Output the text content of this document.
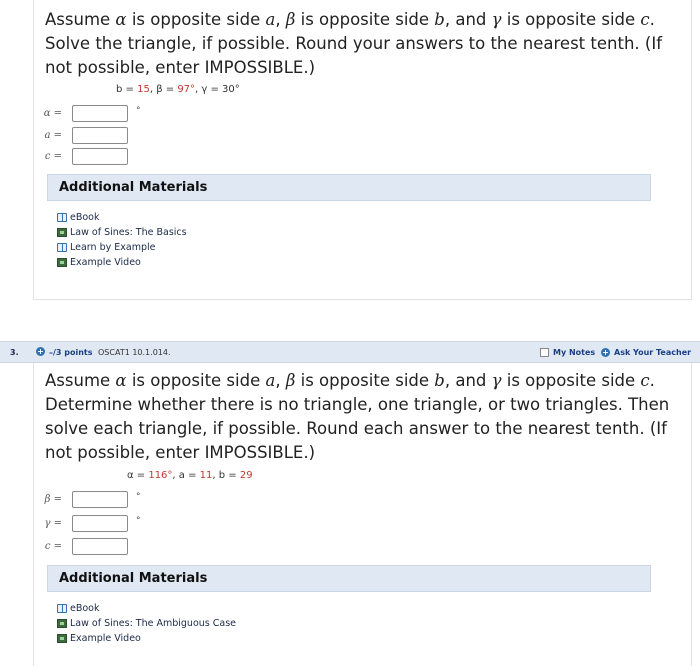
Assume α is opposite side a, β is opposite side b, and γ is opposite side c. Solve the triangle, if possible. Round your answers to the nearest tenth. (If not possible, enter IMPOSSIBLE.)
b = 15, β = 97°, γ = 30°
α =	°
a =
c =
Additional Materials
eBook
Law of Sines: The Basics
Learn by Example
Example Video
3. + –/3 points OSCAT1 10.1.014.	My Notes + Ask Your Teacher
Assume α is opposite side a, β is opposite side b, and γ is opposite side c. Determine whether there is no triangle, one triangle, or two triangles. Then solve each triangle, if possible. Round each answer to the nearest tenth. (If not possible, enter IMPOSSIBLE.)
α = 116°, a = 11, b = 29
β =	°
γ =	°
c =
Additional Materials
eBook
Law of Sines: The Ambiguous Case
Example Video
